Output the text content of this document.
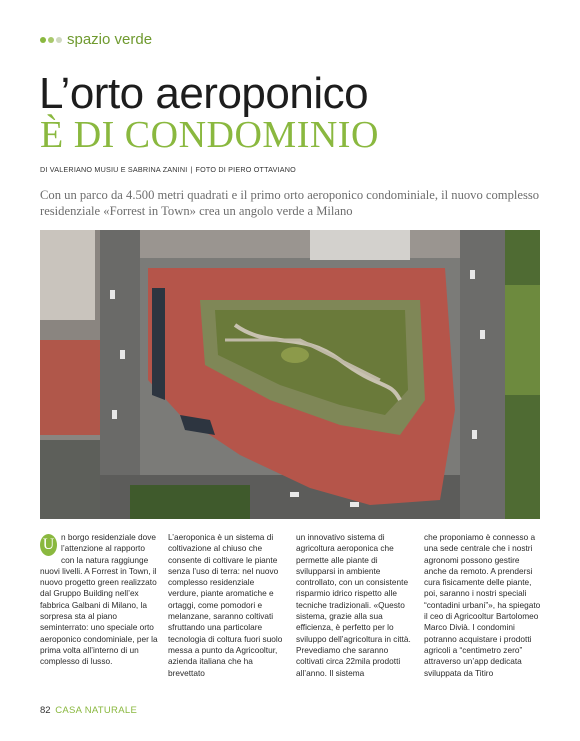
spazio verde
L’orto aeroponico
È DI CONDOMINIO
DI VALERIANO MUSIU E SABRINA ZANINI | FOTO DI PIERO OTTAVIANO
Con un parco da 4.500 metri quadrati e il primo orto aeroponico condominiale, il nuovo complesso residenziale «Forrest in Town» crea un angolo verde a Milano
U n borgo residenziale dove l’attenzione al rapporto con la natura raggiunge nuovi livelli. A Forrest in Town, il nuovo progetto green realizzato dal Gruppo Building nell’ex fabbrica Galbani di Milano, la sorpresa sta al piano seminterrato: uno speciale orto aeroponico condominiale, per la prima volta all’interno di un complesso di lusso.

L’aeroponica è un sistema di coltivazione al chiuso che consente di coltivare le piante senza l’uso di terra: nel nuovo complesso residenziale verdure, piante aromatiche e ortaggi, come pomodori e melanzane, saranno coltivati sfruttando una particolare tecnologia di coltura fuori suolo messa a punto da Agricooltur, azienda italiana che ha brevettato

un innovativo sistema di agricoltura aeroponica che permette alle piante di svilupparsi in ambiente controllato, con un consistente risparmio idrico rispetto alle tecniche tradizionali. «Questo sistema, grazie alla sua efficienza, è perfetto per lo sviluppo dell’agricoltura in città. Prevediamo che saranno coltivati circa 22mila prodotti all’anno. Il sistema

che proponiamo è connesso a una sede centrale che i nostri agronomi possono gestire anche da remoto. A prendersi cura fisicamente delle piante, poi, saranno i nostri speciali “contadini urbani”», ha spiegato il ceo di Agricooltur Bartolomeo Marco Divià. I condomini potranno acquistare i prodotti agricoli a “centimetro zero” attraverso un’app dedicata sviluppata da Titiro

82 CASA NATURALE
